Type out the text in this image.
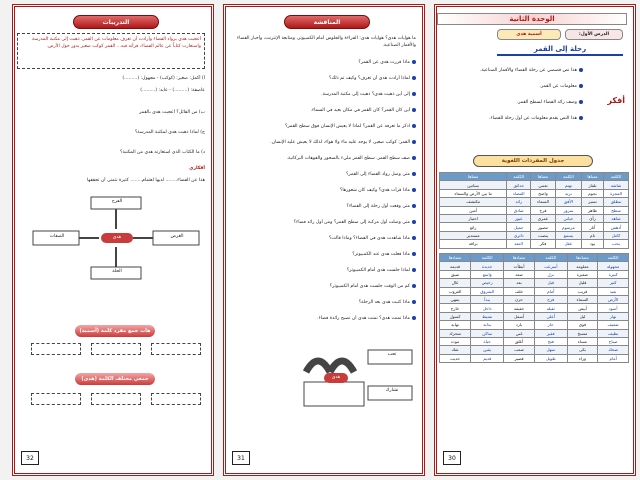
الوحدة الثانية
الدرس الأول:
أسمية هدى
رحلة إلى القمر
أفكر
هذا نص قصصي عن رحلة الفضاء والأقمار الصناعية.
معلومات عن القمر.
وصف رائد الفضاء لسطح القمر.
هذا النص يقدم معلومات عن أول رحلة للفضاء.
جدول المفردات اللغوية
الكلمة	معناها	الكلمة	معناها	الكلمة	معناها
شاشة	تلفاز	تهتم	تعتني	حدائق	بساتين
المجرة	نجوم	نزيه	واضح	الفضاء	ما بين الأرض والسماء
تنطلق	تسير	الأفق	السماء	رائد	مكتشف
سطح	ظاهر	سرور	فرح	صادق	أمين
شاهد	رأى	حياتي	عمري	عبور	اجتياز
أدهش	أثار	مرسوم	مصور	جميل	رائع
كامل	تام	يسمع	ينصت	دائري	مستدير
يحب	يود	عقل	فكر	لامعة	براقة
الكلمة	مضادها	الكلمة	مضادها	الكلمة	مضادها
مجهولة	معلومة	أسرعت	أبطأت	جديدة	قديمة
كبيرة	صغيرة	نزل	صعد	واسع	ضيق
كثير	قليل	قبل	بعد	رخيص	غال
بعيد	قريب	أمام	خلف	الشروق	الغروب
الأرض	السماء	فرح	حزن	يبدأ	ينتهي
أسود	أبيض	ثقيلة	خفيفة	داخل	خارج
نهار	ليل	أعلى	أسفل	نشيط	كسول
ضعيف	قوي	حار	بارد	بداية	نهاية
نظيف	متسخ	فقير	غني	ساكن	متحرك
صباح	مساء	فتح	أغلق	حياة	موت
ضحك	بكى	سهل	صعب	يقين	شك
أمام	وراء	طويل	قصير	قديم	حديث
30
المناقشة
ما هوايات هدى؟ هوايات هدى: القراءة والجلوس أمام الكمبيوتر، ومتابعة الإنترنت، وأخبار الفضاء والأقمار الصناعية.
ماذا قررت هدى عن القمر؟
لماذا أرادت هدى أن تعرف؟ وكيف تم ذلك؟
إلى أين ذهبت هدى؟ ذهبت إلى مكتبة المدرسة.
أين كان القمر؟ كان القمر في مكان بعيد في السماء.
اذكر ما تعرفه عن القمر؟ لماذا لا يعيش الإنسان فوق سطح القمر؟
القمر: كوكب صغير، لا يوجد عليه ماء ولا هواء، لذلك لا يعيش عليه الإنسان.
صف سطح القمر. سطح القمر مليء بالصخور والفوهات البركانية.
متى وصل رواد الفضاء إلى القمر؟
ماذا قرأت هدى؟ وكيف كان شعورها؟
متى وقعت أول رحلة إلى الفضاء؟
متى وصلت أول مركبة إلى سطح القمر؟ ومن أول رائد فضاء؟
ماذا شاهدت هدى في الفضاء؟ وماذا قالت؟
ماذا فعلت هدى عند الكمبيوتر؟
لماذا جلست هدى أمام الكمبيوتر؟
كم من الوقت جلست هدى أمام الكمبيوتر؟
ماذا كتبت هدى بعد الرحلة؟
ماذا تمنت هدى؟ تمنت هدى أن تصبح رائدة فضاء.
هدى
تحب
تشارك
31
التدريبات
أعجبت هدى برواد الفضاء وأرادت أن تعرف معلومات عن القمر، ذهبت إلى مكتبة المدرسة واستعارت كتاباً عن عالم الفضاء، قرأته فيه... القمر كوكب صغير يدور حول الأرض.
أ) أكمل: صغير: (كوكب) - مجهول: (.........)
عاصفة: (.........) - عابد: (.........)
ب) من القائل؟ أعجبت هدى بالقمر
ج) لماذا ذهبت هدى لمكتبة المدرسة؟
د) ما الكتاب الذي استعارته هدى من المكتبة؟
أفكاري
هذا عن الفضاء........ لديها اهتمام........ كثيرة تتمنى أن تحققها
هدى
الفرح
الغرض
الصفات
الحلة
هات جمع مفرد كلمة (أسمية)
جمعي مختلف الكلمة (هدى)
32
